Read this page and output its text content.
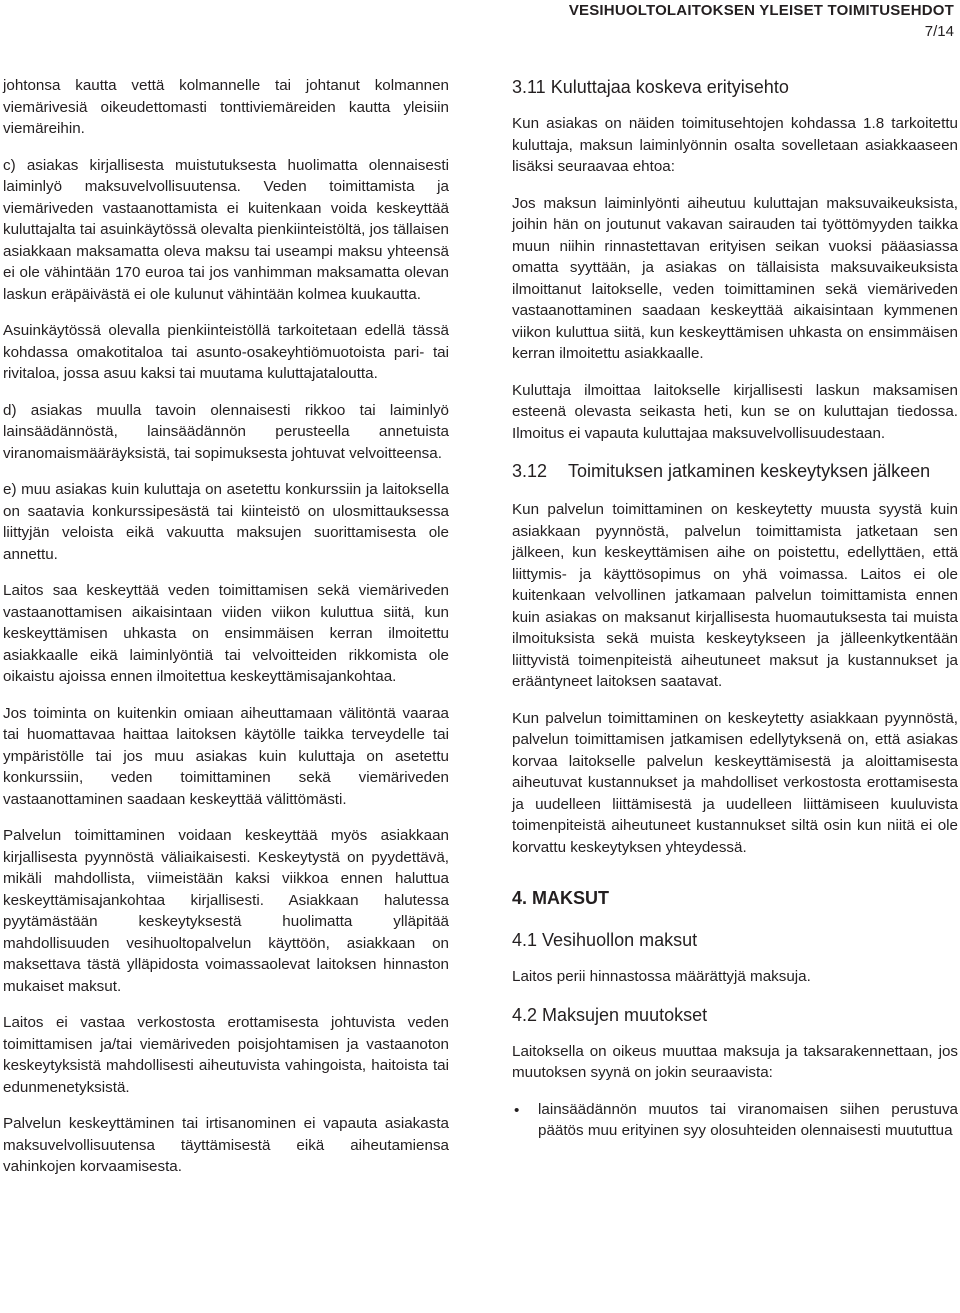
VESIHUOLTOLAITOKSEN YLEISET TOIMITUSEHDOT
7/14

johtonsa kautta vettä kolmannelle tai johtanut kolmannen viemärivesiä oikeudettomasti tonttiviemäreiden kautta yleisiin viemäreihin.

c) asiakas kirjallisesta muistutuksesta huolimatta olennaisesti laiminlyö maksuvelvollisuutensa. Veden toimittamista ja viemäriveden vastaanottamista ei kuitenkaan voida keskeyttää kuluttajalta tai asuinkäytössä olevalta pienkiinteistöltä, jos tällaisen asiakkaan maksamatta oleva maksu tai useampi maksu yhteensä ei ole vähintään 170 euroa tai jos vanhimman maksamatta olevan laskun eräpäivästä ei ole kulunut vähintään kolmea kuukautta.

Asuinkäytössä olevalla pienkiinteistöllä tarkoitetaan edellä tässä kohdassa omakotitaloa tai asunto-osakeyhtiömuotoista pari- tai rivitaloa, jossa asuu kaksi tai muutama kuluttajataloutta.

d) asiakas muulla tavoin olennaisesti rikkoo tai laiminlyö lainsäädännöstä, lainsäädännön perusteella annetuista viranomaismääräyksistä, tai sopimuksesta johtuvat velvoitteensa.

e) muu asiakas kuin kuluttaja on asetettu konkurssiin ja laitoksella on saatavia konkurssipesästä tai kiinteistö on ulosmittauksessa liittyjän veloista eikä vakuutta maksujen suorittamisesta ole annettu.

Laitos saa keskeyttää veden toimittamisen sekä viemäriveden vastaanottamisen aikaisintaan viiden viikon kuluttua siitä, kun keskeyttämisen uhkasta on ensimmäisen kerran ilmoitettu asiakkaalle eikä laiminlyöntiä tai velvoitteiden rikkomista ole oikaistu ajoissa ennen ilmoitettua keskeyttämisajankohtaa.

Jos toiminta on kuitenkin omiaan aiheuttamaan välitöntä vaaraa tai huomattavaa haittaa laitoksen käytölle taikka terveydelle tai ympäristölle tai jos muu asiakas kuin kuluttaja on asetettu konkurssiin, veden toimittaminen sekä viemäriveden vastaanottaminen saadaan keskeyttää välittömästi.

Palvelun toimittaminen voidaan keskeyttää myös asiakkaan kirjallisesta pyynnöstä väliaikaisesti. Keskeytystä on pyydettävä, mikäli mahdollista, viimeistään kaksi viikkoa ennen haluttua keskeyttämisajankohtaa kirjallisesti. Asiakkaan halutessa pyytämästään keskeytyksestä huolimatta ylläpitää mahdollisuuden vesihuoltopalvelun käyttöön, asiakkaan on maksettava tästä ylläpidosta voimassaolevat laitoksen hinnaston mukaiset maksut.

Laitos ei vastaa verkostosta erottamisesta johtuvista veden toimittamisen ja/tai viemäriveden poisjohtamisen ja vastaanoton keskeytyksistä mahdollisesti aiheutuvista vahingoista, haitoista tai edunmenetyksistä.

Palvelun keskeyttäminen tai irtisanominen ei vapauta asiakasta maksuvelvollisuutensa täyttämisestä eikä aiheutamiensa vahinkojen korvaamisesta.

3.11 Kuluttajaa koskeva erityisehto

Kun asiakas on näiden toimitusehtojen kohdassa 1.8 tarkoitettu kuluttaja, maksun laiminlyönnin osalta sovelletaan asiakkaaseen lisäksi seuraavaa ehtoa:

Jos maksun laiminlyönti aiheutuu kuluttajan maksuvaikeuksista, joihin hän on joutunut vakavan sairauden tai työttömyyden taikka muun niihin rinnastettavan erityisen seikan vuoksi pääasiassa omatta syyttään, ja asiakas on tällaisista maksuvaikeuksista ilmoittanut laitokselle, veden toimittaminen sekä viemäriveden vastaanottaminen saadaan keskeyttää aikaisintaan kymmenen viikon kuluttua siitä, kun keskeyttämisen uhkasta on ensimmäisen kerran ilmoitettu asiakkaalle.

Kuluttaja ilmoittaa laitokselle kirjallisesti laskun maksamisen esteenä olevasta seikasta heti, kun se on kuluttajan tiedossa. Ilmoitus ei vapauta kuluttajaa maksuvelvollisuudestaan.

3.12	Toimituksen jatkaminen keskeytyksen jälkeen

Kun palvelun toimittaminen on keskeytetty muusta syystä kuin asiakkaan pyynnöstä, palvelun toimittamista jatketaan sen jälkeen, kun keskeyttämisen aihe on poistettu, edellyttäen, että liittymis- ja käyttösopimus on yhä voimassa. Laitos ei ole kuitenkaan velvollinen jatkamaan palvelun toimittamista ennen kuin asiakas on maksanut kirjallisesta huomautuksesta tai muista ilmoituksista sekä muista keskeytykseen ja jälleenkytkentään liittyvistä toimenpiteistä aiheutuneet maksut ja kustannukset ja erääntyneet laitoksen saatavat.

Kun palvelun toimittaminen on keskeytetty asiakkaan pyynnöstä, palvelun toimittamisen jatkamisen edellytyksenä on, että asiakas korvaa laitokselle palvelun keskeyttämisestä ja aloittamisesta aiheutuvat kustannukset ja mahdolliset verkostosta erottamisesta ja uudelleen liittämisestä ja uudelleen liittämiseen kuuluvista toimenpiteistä aiheutuneet kustannukset siltä osin kun niitä ei ole korvattu keskeytyksen yhteydessä.

4. MAKSUT
4.1 Vesihuollon maksut

Laitos perii hinnastossa määrättyjä maksuja.

4.2 Maksujen muutokset

Laitoksella on oikeus muuttaa maksuja ja taksarakennettaan, jos muutoksen syynä on jokin seuraavista:

• lainsäädännön muutos tai viranomaisen siihen perustuva päätös muu erityinen syy olosuhteiden olennaisesti muututtua
